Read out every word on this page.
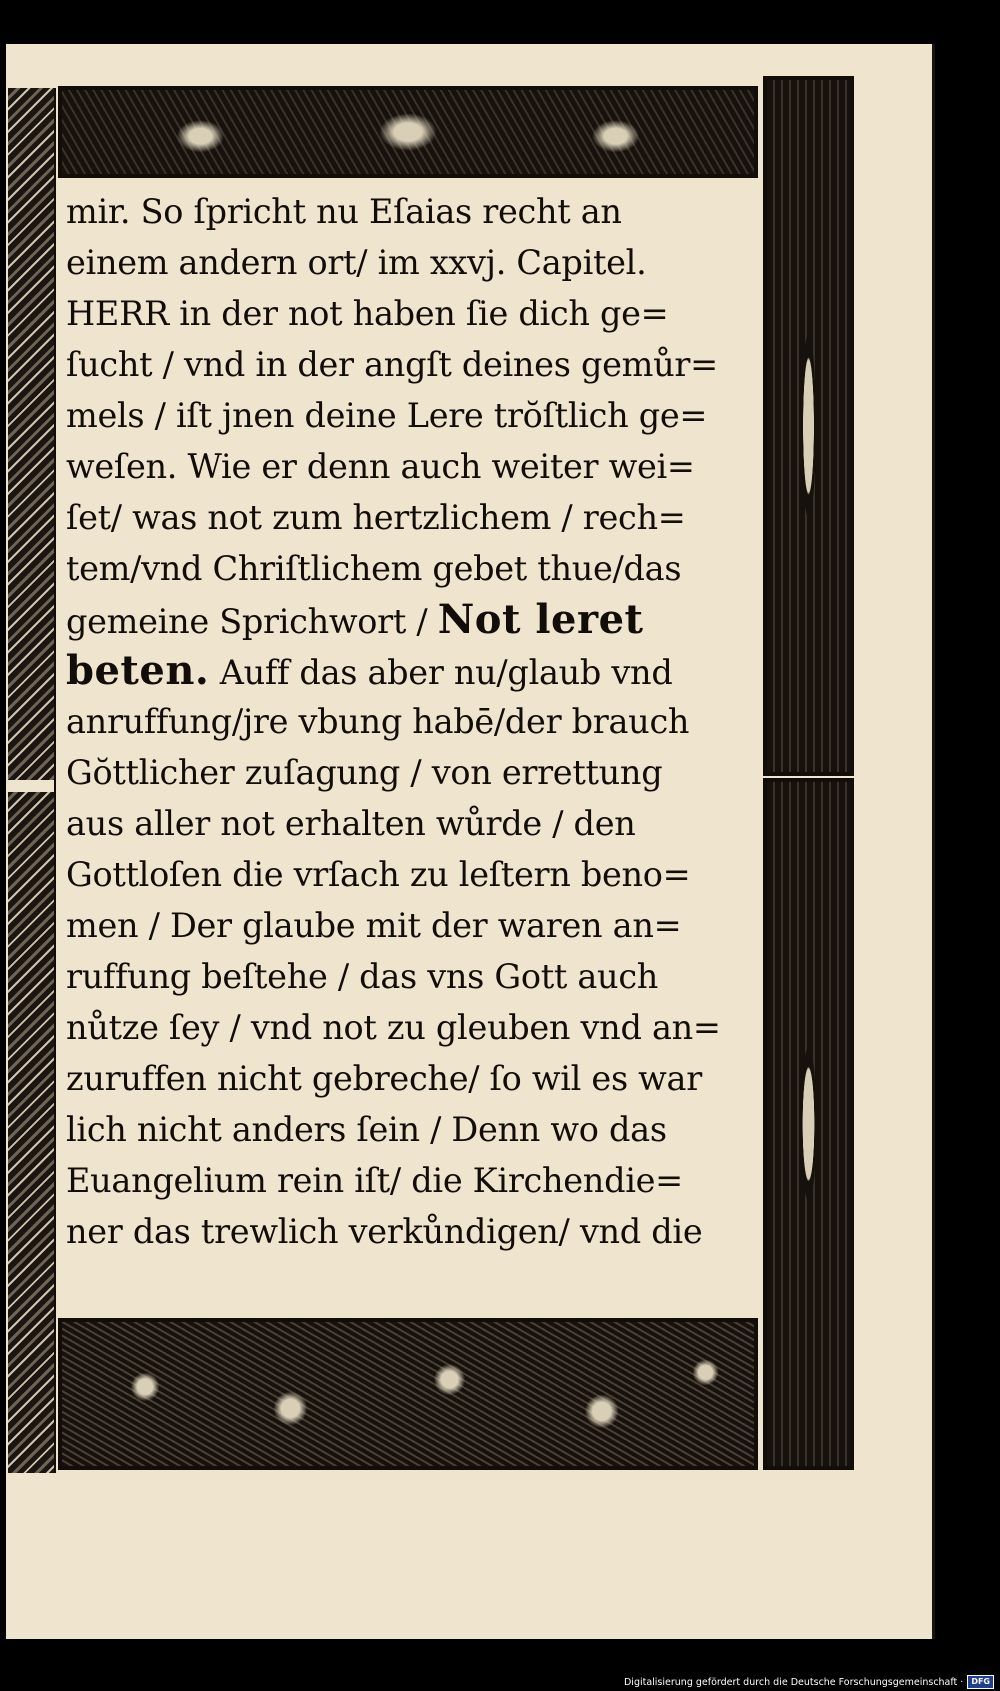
mir. So ſpricht nu Eſaias recht an
einem andern ort/ im xxvj. Capitel.
HERR in der not haben ſie dich ge=
ſucht / vnd in der angſt deines gemůr=
mels / iſt jnen deine Lere trŏſtlich ge=
weſen. Wie er denn auch weiter wei=
ſet/ was not zum hertzlichem / rech=
tem/vnd Chriſtlichem gebet thue/das
gemeine Sprichwort / Not leret
beten. Auff das aber nu/glaub vnd
anruffung/jre vbung habē/der brauch
Gŏttlicher zuſagung / von errettung
aus aller not erhalten wůrde / den
Gottloſen die vrſach zu leſtern beno=
men / Der glaube mit der waren an=
ruffung beſtehe / das vns Gott auch
nůtze ſey / vnd not zu gleuben vnd an=
zuruffen nicht gebreche/ ſo wil es war
lich nicht anders ſein / Denn wo das
Euangelium rein iſt/ die Kirchendie=
ner das trewlich verkůndigen/ vnd die
Digitalisierung gefördert durch die Deutsche Forschungsgemeinschaft ·	DFG
